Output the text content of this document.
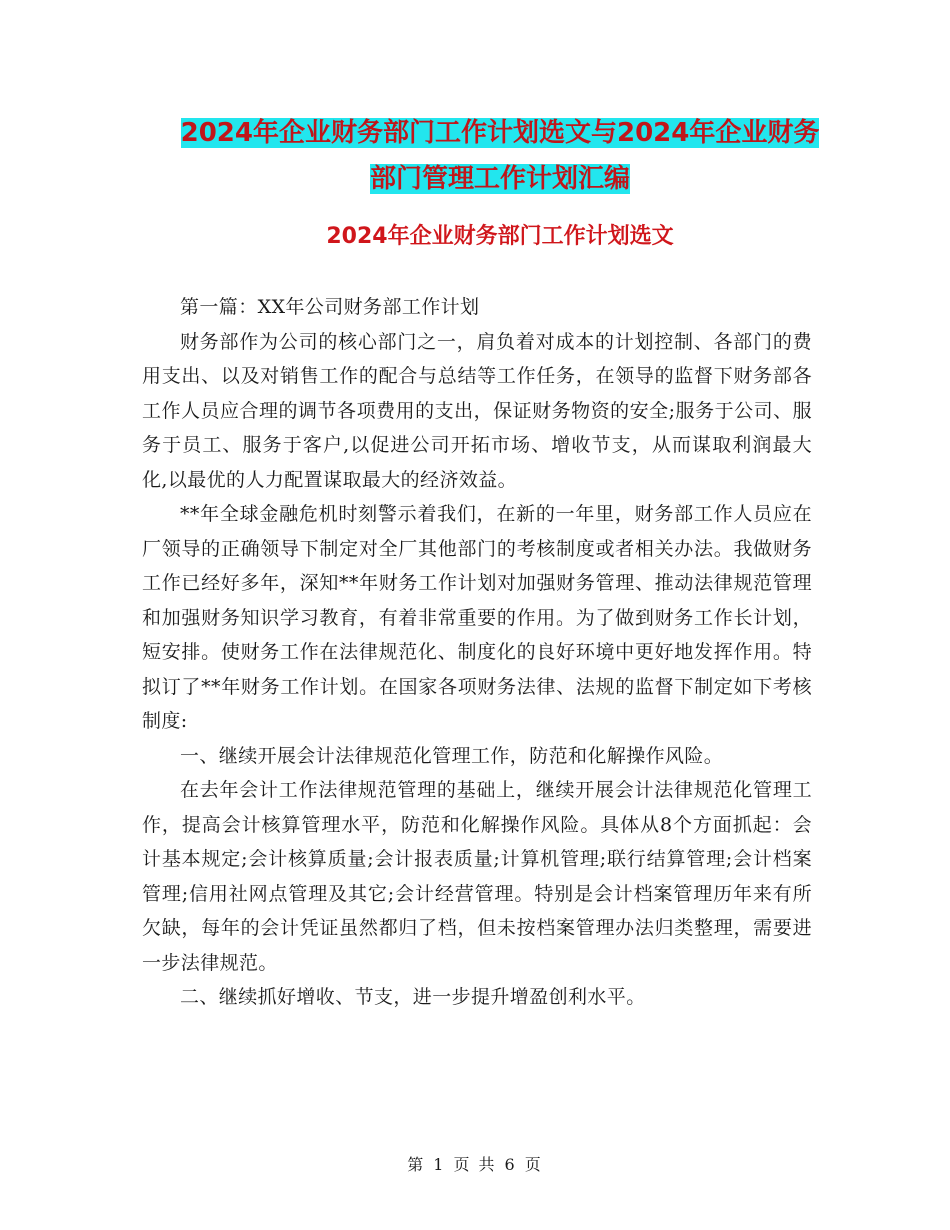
2024年企业财务部门工作计划选文与2024年企业财务
部门管理工作计划汇编
2024年企业财务部门工作计划选文

第一篇：XX年公司财务部工作计划

财务部作为公司的核心部门之一，肩负着对成本的计划控制、各部门的费用支出、以及对销售工作的配合与总结等工作任务，在领导的监督下财务部各工作人员应合理的调节各项费用的支出，保证财务物资的安全;服务于公司、服务于员工、服务于客户,以促进公司开拓市场、增收节支，从而谋取利润最大化,以最优的人力配置谋取最大的经济效益。

**年全球金融危机时刻警示着我们，在新的一年里，财务部工作人员应在厂领导的正确领导下制定对全厂其他部门的考核制度或者相关办法。我做财务工作已经好多年，深知**年财务工作计划对加强财务管理、推动法律规范管理和加强财务知识学习教育，有着非常重要的作用。为了做到财务工作长计划，短安排。使财务工作在法律规范化、制度化的良好环境中更好地发挥作用。特拟订了**年财务工作计划。在国家各项财务法律、法规的监督下制定如下考核制度:

一、继续开展会计法律规范化管理工作，防范和化解操作风险。

在去年会计工作法律规范管理的基础上，继续开展会计法律规范化管理工作，提高会计核算管理水平，防范和化解操作风险。具体从8个方面抓起：会计基本规定;会计核算质量;会计报表质量;计算机管理;联行结算管理;会计档案管理;信用社网点管理及其它;会计经营管理。特别是会计档案管理历年来有所欠缺，每年的会计凭证虽然都归了档，但未按档案管理办法归类整理，需要进一步法律规范。

二、继续抓好增收、节支，进一步提升增盈创利水平。

第 1 页 共 6 页
